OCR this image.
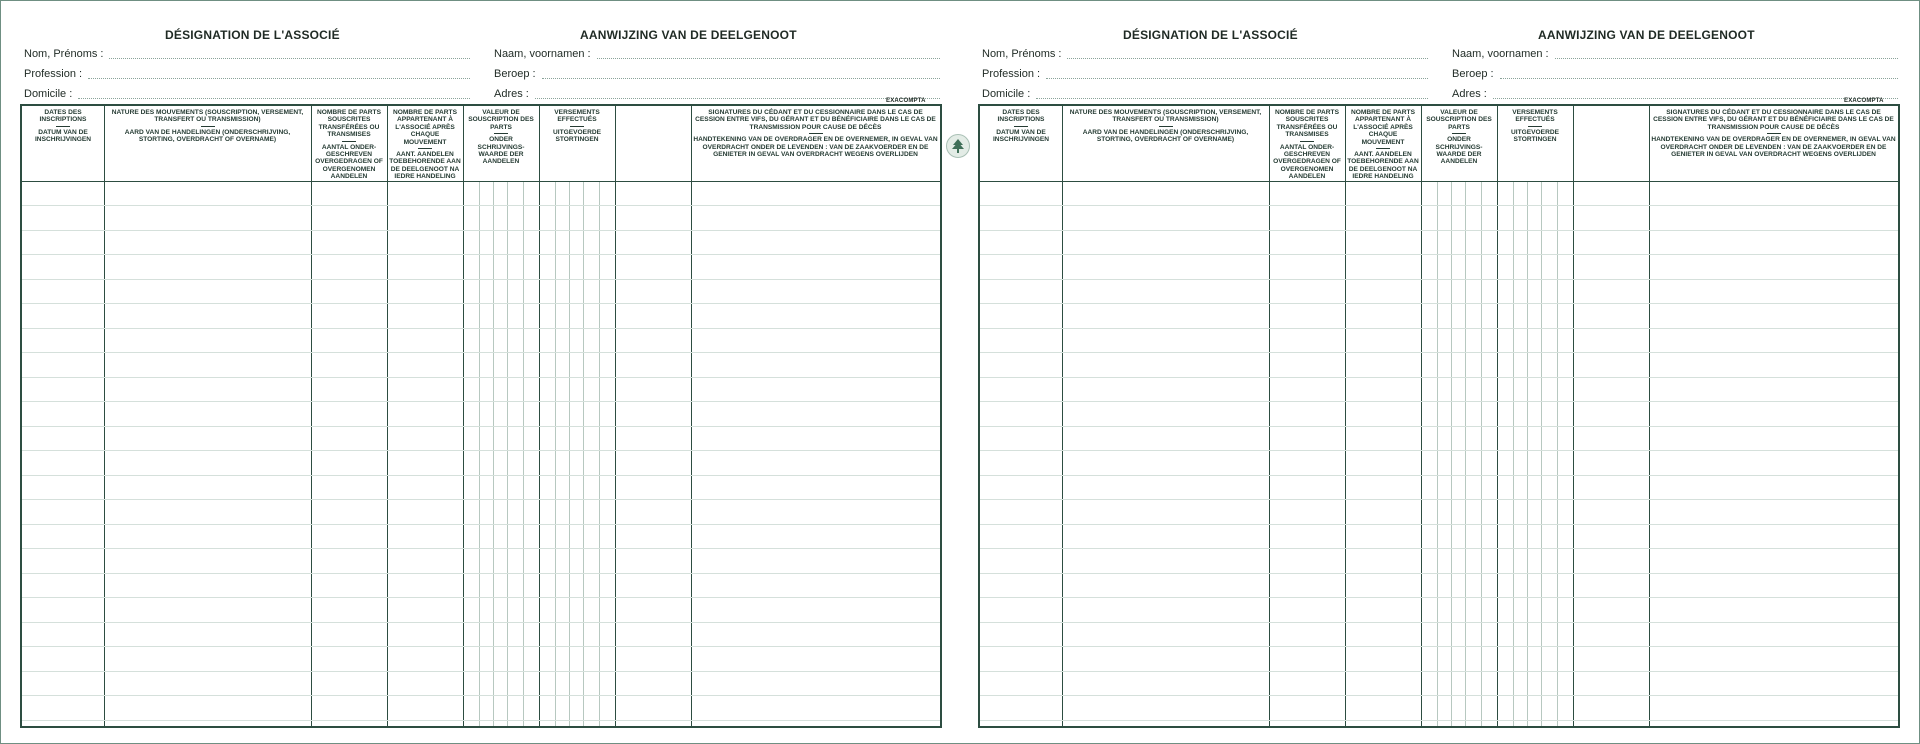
DÉSIGNATION DE L'ASSOCIÉ	AANWIJZING VAN DE DEELGENOOT
Nom, Prénoms :
Profession :
Domicile :
Naam, voornamen :
Beroep :
Adres :
EXACOMPTA
DATES DES INSCRIPTIONS
DATUM VAN DE INSCHRIJVINGEN
NATURE DES MOUVEMENTS (SOUSCRIPTION, VERSEMENT, TRANSFERT OU TRANSMISSION)
AARD VAN DE HANDELINGEN (ONDERSCHRIJVING, STORTING, OVERDRACHT OF OVERNAME)
NOMBRE DE PARTS SOUSCRITES TRANSFÉRÉES OU TRANSMISES
AANTAL ONDER-GESCHREVEN OVERGEDRAGEN OF OVERGENOMEN AANDELEN
NOMBRE DE PARTS APPARTENANT À L'ASSOCIÉ APRÈS CHAQUE MOUVEMENT
AANT. AANDELEN TOEBEHORENDE AAN DE DEELGENOOT NA IEDRE HANDELING
VALEUR DE SOUSCRIPTION DES PARTS
ONDER SCHRIJVINGS-WAARDE DER AANDELEN
VERSEMENTS EFFECTUÉS
UITGEVOERDE STORTINGEN
SIGNATURES DU CÉDANT ET DU CESSIONNAIRE DANS LE CAS DE CESSION ENTRE VIFS, DU GÉRANT ET DU BÉNÉFICIAIRE DANS LE CAS DE TRANSMISSION POUR CAUSE DE DÉCÈS
HANDTEKENING VAN DE OVERDRAGER EN DE OVERNEMER, IN GEVAL VAN OVERDRACHT ONDER DE LEVENDEN : VAN DE ZAAKVOERDER EN DE GENIETER IN GEVAL VAN OVERDRACHT WEGENS OVERLIJDEN
DÉSIGNATION DE L'ASSOCIÉ	AANWIJZING VAN DE DEELGENOOT
Nom, Prénoms :
Profession :
Domicile :
Naam, voornamen :
Beroep :
Adres :
EXACOMPTA
DATES DES INSCRIPTIONS
DATUM VAN DE INSCHRIJVINGEN
NATURE DES MOUVEMENTS (SOUSCRIPTION, VERSEMENT, TRANSFERT OU TRANSMISSION)
AARD VAN DE HANDELINGEN (ONDERSCHRIJVING, STORTING, OVERDRACHT OF OVERNAME)
NOMBRE DE PARTS SOUSCRITES TRANSFÉRÉES OU TRANSMISES
AANTAL ONDER-GESCHREVEN OVERGEDRAGEN OF OVERGENOMEN AANDELEN
NOMBRE DE PARTS APPARTENANT À L'ASSOCIÉ APRÈS CHAQUE MOUVEMENT
AANT. AANDELEN TOEBEHORENDE AAN DE DEELGENOOT NA IEDRE HANDELING
VALEUR DE SOUSCRIPTION DES PARTS
ONDER SCHRIJVINGS-WAARDE DER AANDELEN
VERSEMENTS EFFECTUÉS
UITGEVOERDE STORTINGEN
SIGNATURES DU CÉDANT ET DU CESSIONNAIRE DANS LE CAS DE CESSION ENTRE VIFS, DU GÉRANT ET DU BÉNÉFICIAIRE DANS LE CAS DE TRANSMISSION POUR CAUSE DE DÉCÈS
HANDTEKENING VAN DE OVERDRAGER EN DE OVERNEMER, IN GEVAL VAN OVERDRACHT ONDER DE LEVENDEN : VAN DE ZAAKVOERDER EN DE GENIETER IN GEVAL VAN OVERDRACHT WEGENS OVERLIJDEN
